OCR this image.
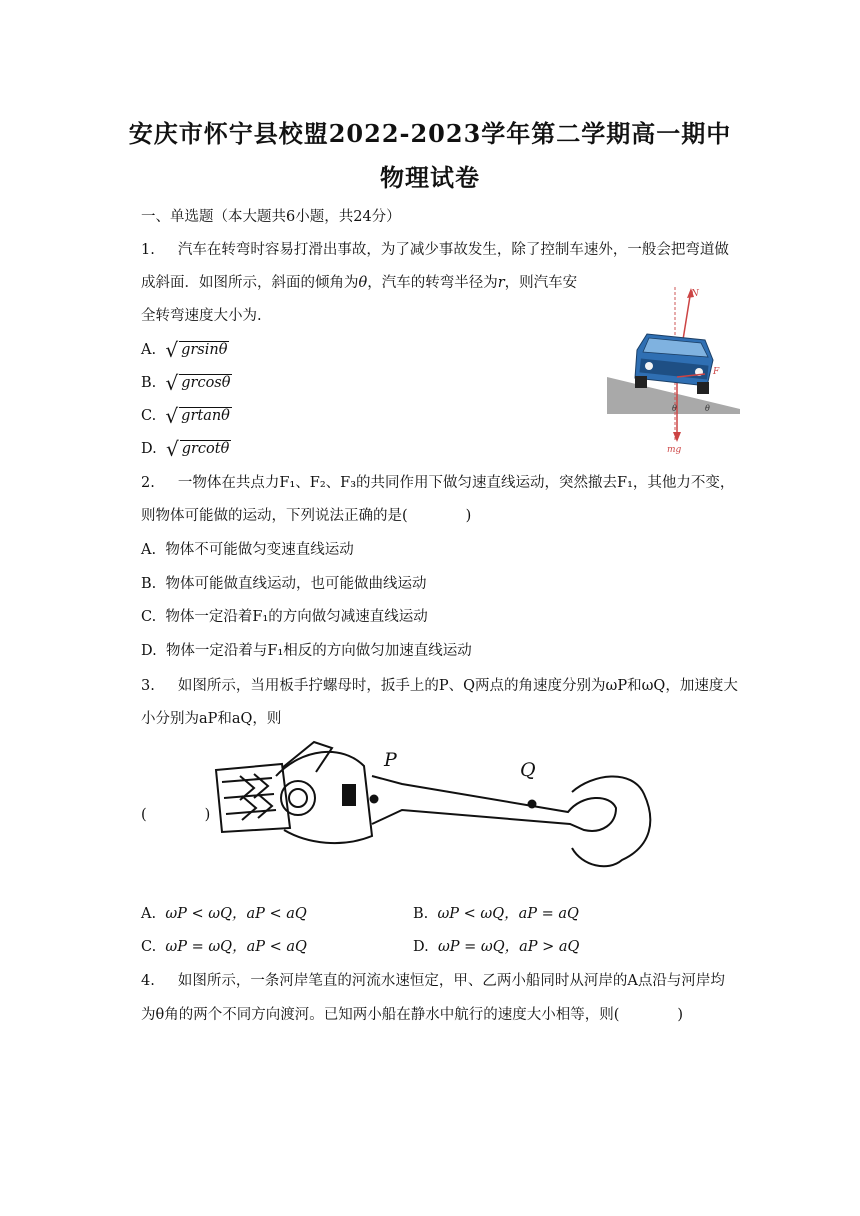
安庆市怀宁县校盟2022-2023学年第二学期高一期中
物理试卷
一、单选题（本大题共6小题，共24分）
1. 汽车在转弯时容易打滑出事故，为了减少事故发生，除了控制车速外，一般会把弯道做
成斜面．如图所示，斜面的倾角为θ，汽车的转弯半径为r，则汽车安
全转弯速度大小为.
A. √ grsinθ
B. √ grcosθ
C. √ grtanθ
D. √ grcotθ
N
F
θ	θ
mg
2. 一物体在共点力F₁、F₂、F₃的共同作用下做匀速直线运动，突然撤去F₁，其他力不变，
则物体可能做的运动，下列说法正确的是(　　　　)
A. 物体不可能做匀变速直线运动
B. 物体可能做直线运动，也可能做曲线运动
C. 物体一定沿着F₁的方向做匀减速直线运动
D. 物体一定沿着与F₁相反的方向做匀加速直线运动
3. 如图所示，当用板手拧螺母时，扳手上的P、Q两点的角速度分别为ωP和ωQ，加速度大
小分别为aP和aQ，则
(　　　　)
P	Q
A. ωP < ωQ，aP < aQ	B. ωP < ωQ，aP = aQ
C. ωP = ωQ，aP < aQ	D. ωP = ωQ，aP > aQ
4. 如图所示，一条河岸笔直的河流水速恒定，甲、乙两小船同时从河岸的A点沿与河岸均
为θ角的两个不同方向渡河。已知两小船在静水中航行的速度大小相等，则(　　　　)
